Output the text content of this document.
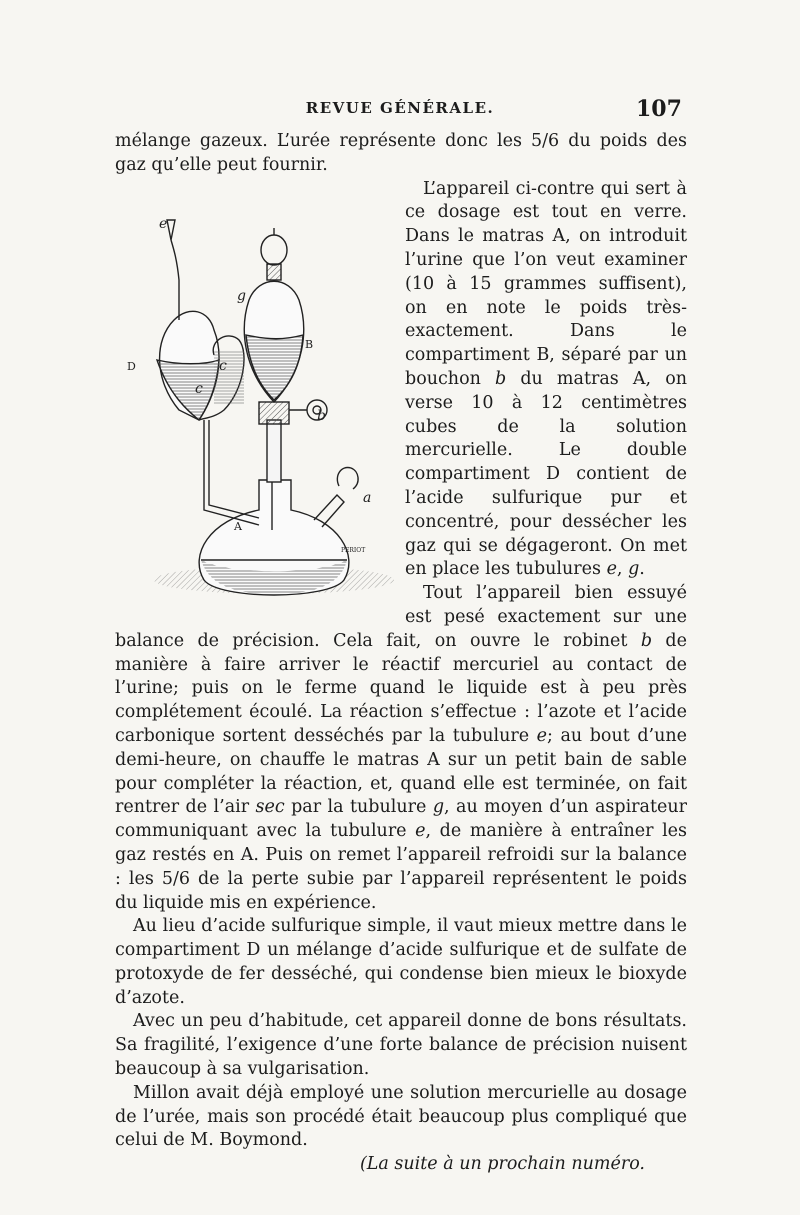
REVUE GÉNÉRALE.	107

mélange gazeux. L’urée représente donc les 5/6 du poids des gaz qu’elle peut fournir.

e
g
b
a
c
c
D
B
A
PERIOT

L’appareil ci-contre qui sert à ce dosage est tout en verre. Dans le matras A, on introduit l’urine que l’on veut examiner (10 à 15 grammes suffisent), on en note le poids très-exactement. Dans le compartiment B, séparé par un bouchon b du matras A, on verse 10 à 12 centimètres cubes de la solution mercurielle. Le double compartiment D contient de l’acide sulfurique pur et concentré, pour dessécher les gaz qui se dégageront. On met en place les tubulures e, g.

Tout l’appareil bien essuyé est pesé exactement sur une balance de précision. Cela fait, on ouvre le robinet b de manière à faire arriver le réactif mercuriel au contact de l’urine; puis on le ferme quand le liquide est à peu près complétement écoulé. La réaction s’effectue : l’azote et l’acide carbonique sortent desséchés par la tubulure e; au bout d’une demi-heure, on chauffe le matras A sur un petit bain de sable pour compléter la réaction, et, quand elle est terminée, on fait rentrer de l’air sec par la tubulure g, au moyen d’un aspirateur communiquant avec la tubulure e, de manière à entraîner les gaz restés en A. Puis on remet l’appareil refroidi sur la balance : les 5/6 de la perte subie par l’appareil représentent le poids du liquide mis en expérience.

Au lieu d’acide sulfurique simple, il vaut mieux mettre dans le compartiment D un mélange d’acide sulfurique et de sulfate de protoxyde de fer desséché, qui condense bien mieux le bioxyde d’azote.

Avec un peu d’habitude, cet appareil donne de bons résultats. Sa fragilité, l’exigence d’une forte balance de précision nuisent beaucoup à sa vulgarisation.

Millon avait déjà employé une solution mercurielle au dosage de l’urée, mais son procédé était beaucoup plus compliqué que celui de M. Boymond.

(La suite à un prochain numéro.
